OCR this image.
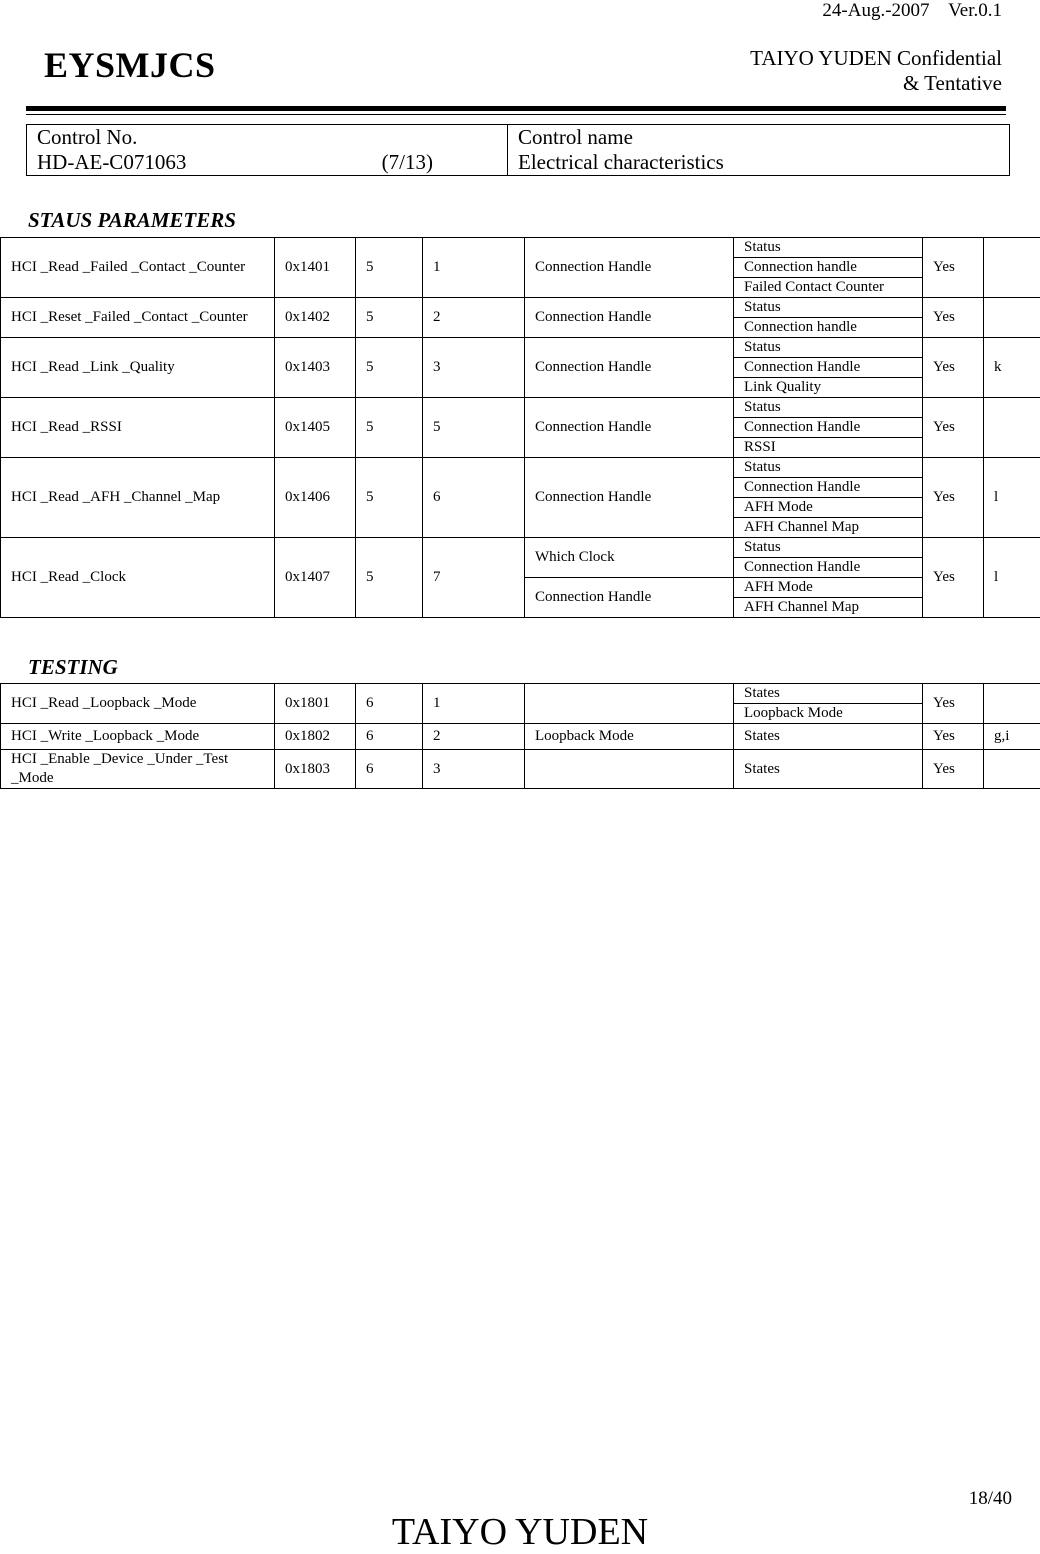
24-Aug.-2007    Ver.0.1
EYSMJCS	TAIYO YUDEN Confidential
& Tentative
Control No.
HD-AE-C071063	(7/13)

Control name
Electrical characteristics
STAUS PARAMETERS
HCI _Read _Failed _Contact _Counter	0x1401	5	1	Connection Handle	Status	Yes	
					Connection handle		
					Failed Contact Counter		
HCI _Reset _Failed _Contact _Counter	0x1402	5	2	Connection Handle	Status	Yes	
					Connection handle		
HCI _Read _Link _Quality	0x1403	5	3	Connection Handle	Status	Yes	k
					Connection Handle		
					Link Quality		
HCI _Read _RSSI	0x1405	5	5	Connection Handle	Status	Yes	
					Connection Handle		
					RSSI		
HCI _Read _AFH _Channel _Map	0x1406	5	6	Connection Handle	Status	Yes	l
					Connection Handle		
					AFH Mode		
					AFH Channel Map		
HCI _Read _Clock	0x1407	5	7	Which Clock	Status	Yes	l
					Connection Handle		
				Connection Handle	AFH Mode		
					AFH Channel Map		
TESTING
HCI _Read _Loopback _Mode	0x1801	6	1		States	Yes	
					Loopback Mode		
HCI _Write _Loopback _Mode	0x1802	6	2	Loopback Mode	States	Yes	g,i
HCI _Enable _Device _Under _Test _Mode	0x1803	6	3		States	Yes	
18/40
TAIYO YUDEN
